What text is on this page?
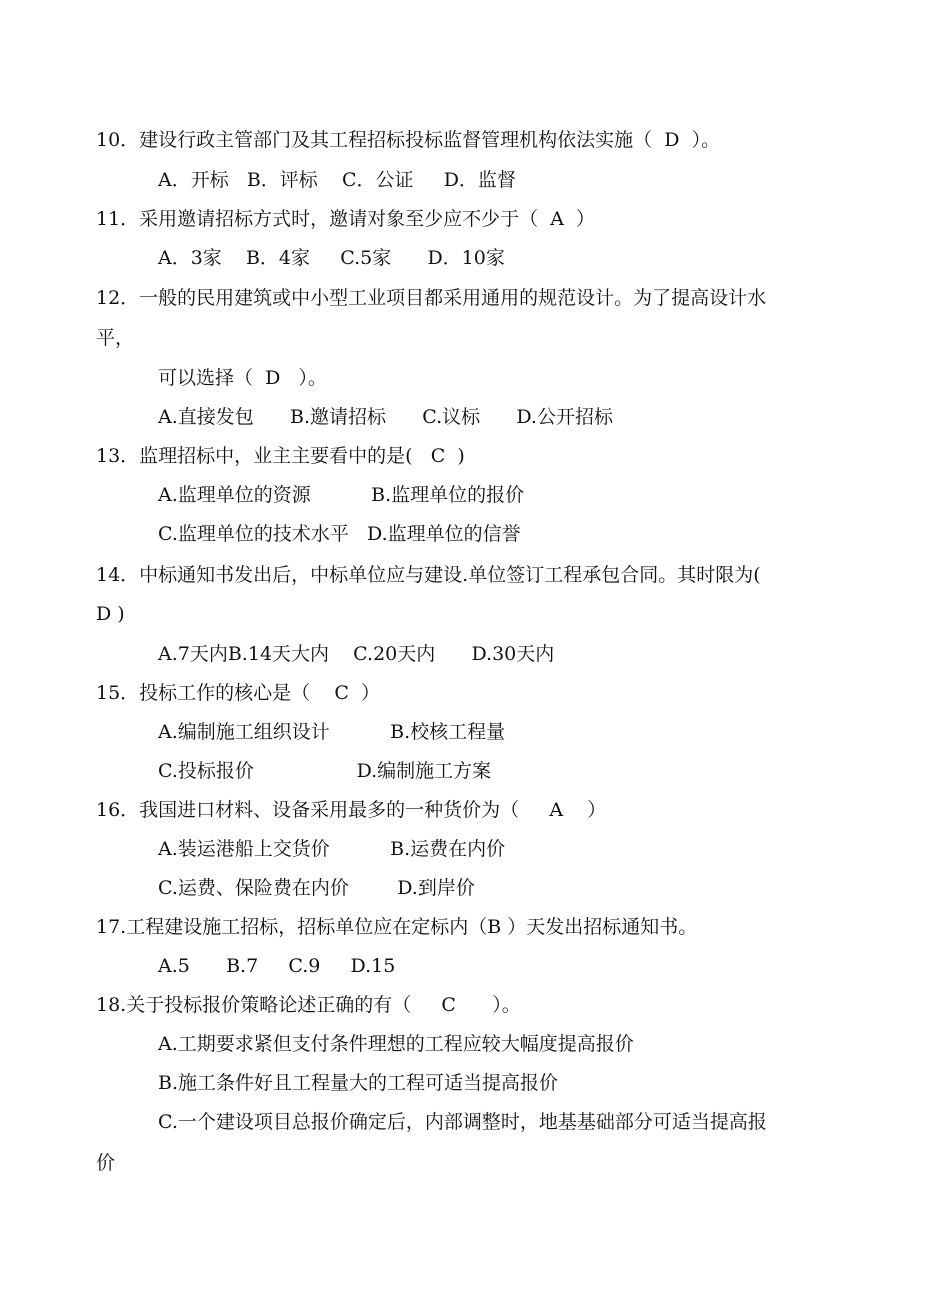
10．建设行政主管部门及其工程招标投标监督管理机构依法实施（  D  ）。
A．开标   B．评标    C．公证     D．监督
11．采用邀请招标方式时，邀请对象至少应不少于（  A  ）
A．3家    B．4家     C.5家      D．10家
12．一般的民用建筑或中小型工业项目都采用通用的规范设计。为了提高设计水
平，
可以选择（  D   ）。
A.直接发包      B.邀请招标      C.议标      D.公开招标
13．监理招标中，业主主要看中的是(   C  )
A.监理单位的资源          B.监理单位的报价
C.监理单位的技术水平   D.监理单位的信誉
14．中标通知书发出后，中标单位应与建设.单位签订工程承包合同。其时限为(
D )
A.7天内B.14天大内    C.20天内      D.30天内
15．投标工作的核心是（    C  ）
A.编制施工组织设计          B.校核工程量
C.投标报价                 D.编制施工方案
16．我国进口材料、设备采用最多的一种货价为（     A    ）
A.装运港船上交货价          B.运费在内价
C.运费、保险费在内价        D.到岸价
17.工程建设施工招标，招标单位应在定标内（B ）天发出招标通知书。
A.5      B.7     C.9     D.15
18.关于投标报价策略论述正确的有（     C      ）。
A.工期要求紧但支付条件理想的工程应较大幅度提高报价
B.施工条件好且工程量大的工程可适当提高报价
C.一个建设项目总报价确定后，内部调整时，地基基础部分可适当提高报
价
